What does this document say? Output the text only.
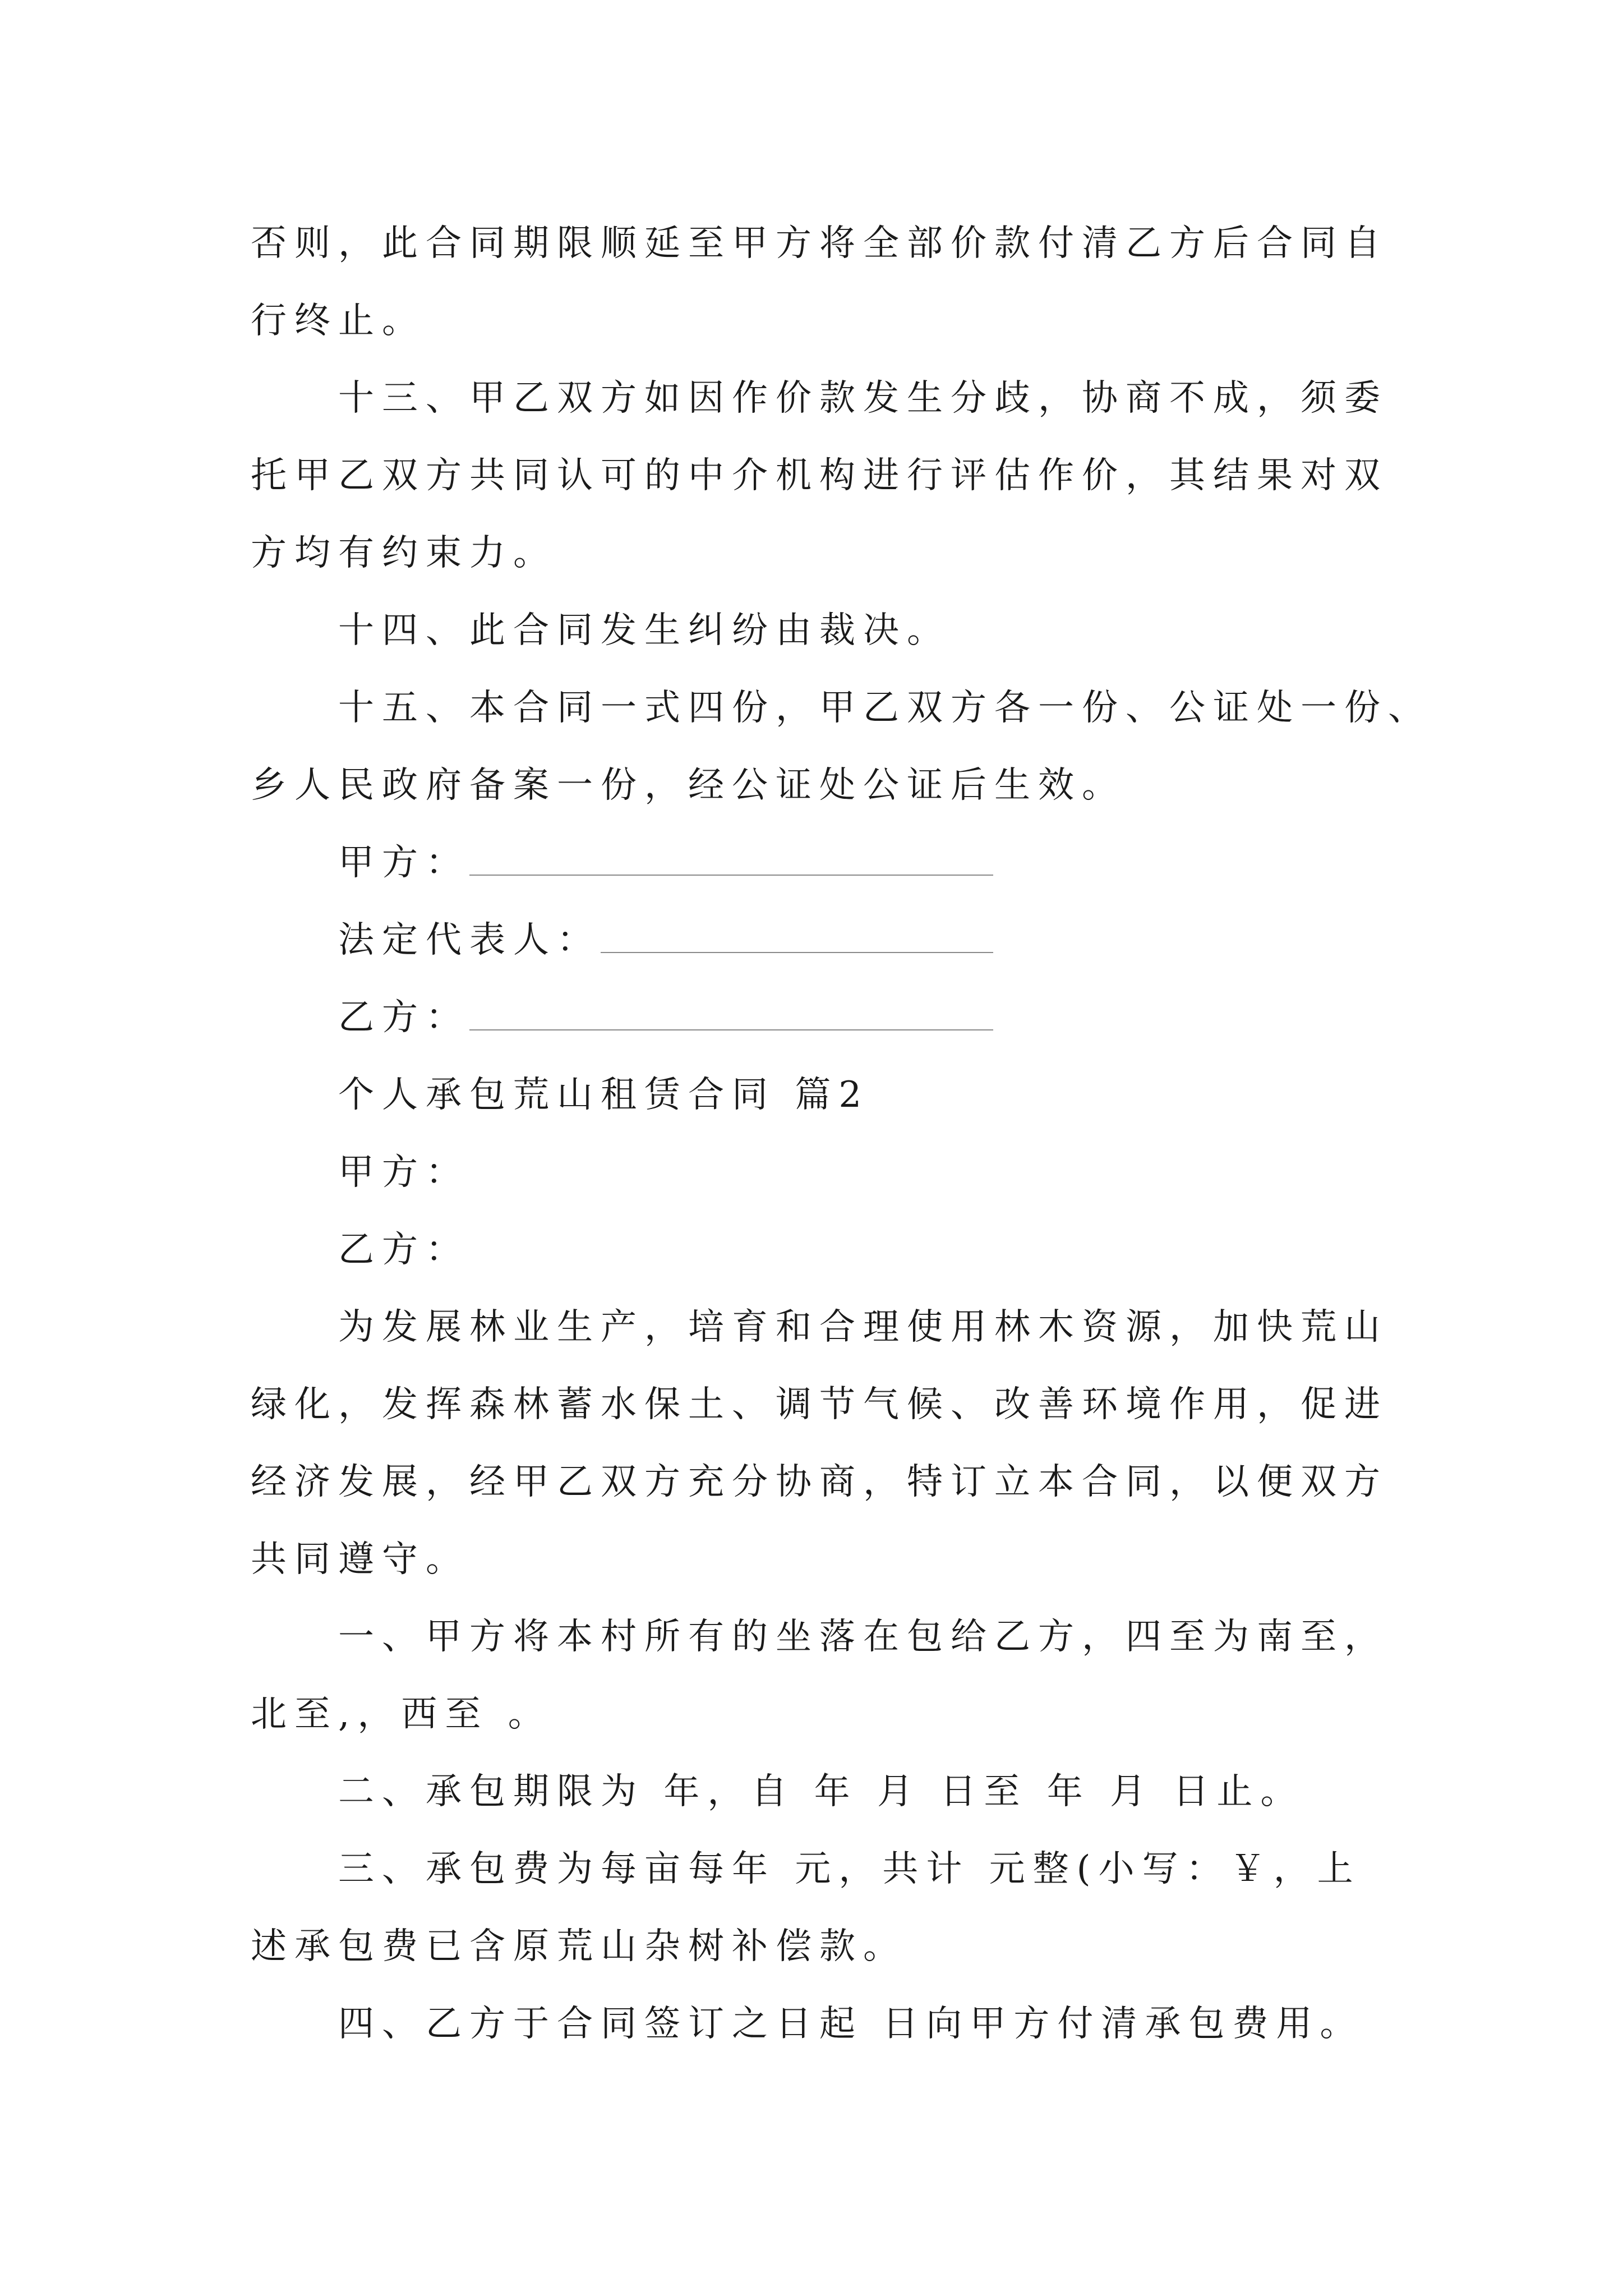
否则，此合同期限顺延至甲方将全部价款付清乙方后合同自
行终止。
十三、甲乙双方如因作价款发生分歧，协商不成，须委
托甲乙双方共同认可的中介机构进行评估作价，其结果对双
方均有约束力。
十四、此合同发生纠纷由裁决。
十五、本合同一式四份，甲乙双方各一份、公证处一份、
乡人民政府备案一份，经公证处公证后生效。
甲方：
法定代表人：
乙方：
个人承包荒山租赁合同 篇2
甲方：
乙方：
为发展林业生产，培育和合理使用林木资源，加快荒山
绿化，发挥森林蓄水保土、调节气候、改善环境作用，促进
经济发展，经甲乙双方充分协商，特订立本合同，以便双方
共同遵守。
一、甲方将本村所有的坐落在包给乙方，四至为南至，
北至,，西至 。
二、承包期限为 年，自 年 月 日至 年 月 日止。
三、承包费为每亩每年 元，共计 元整(小写：￥，上
述承包费已含原荒山杂树补偿款。
四、乙方于合同签订之日起 日向甲方付清承包费用。
